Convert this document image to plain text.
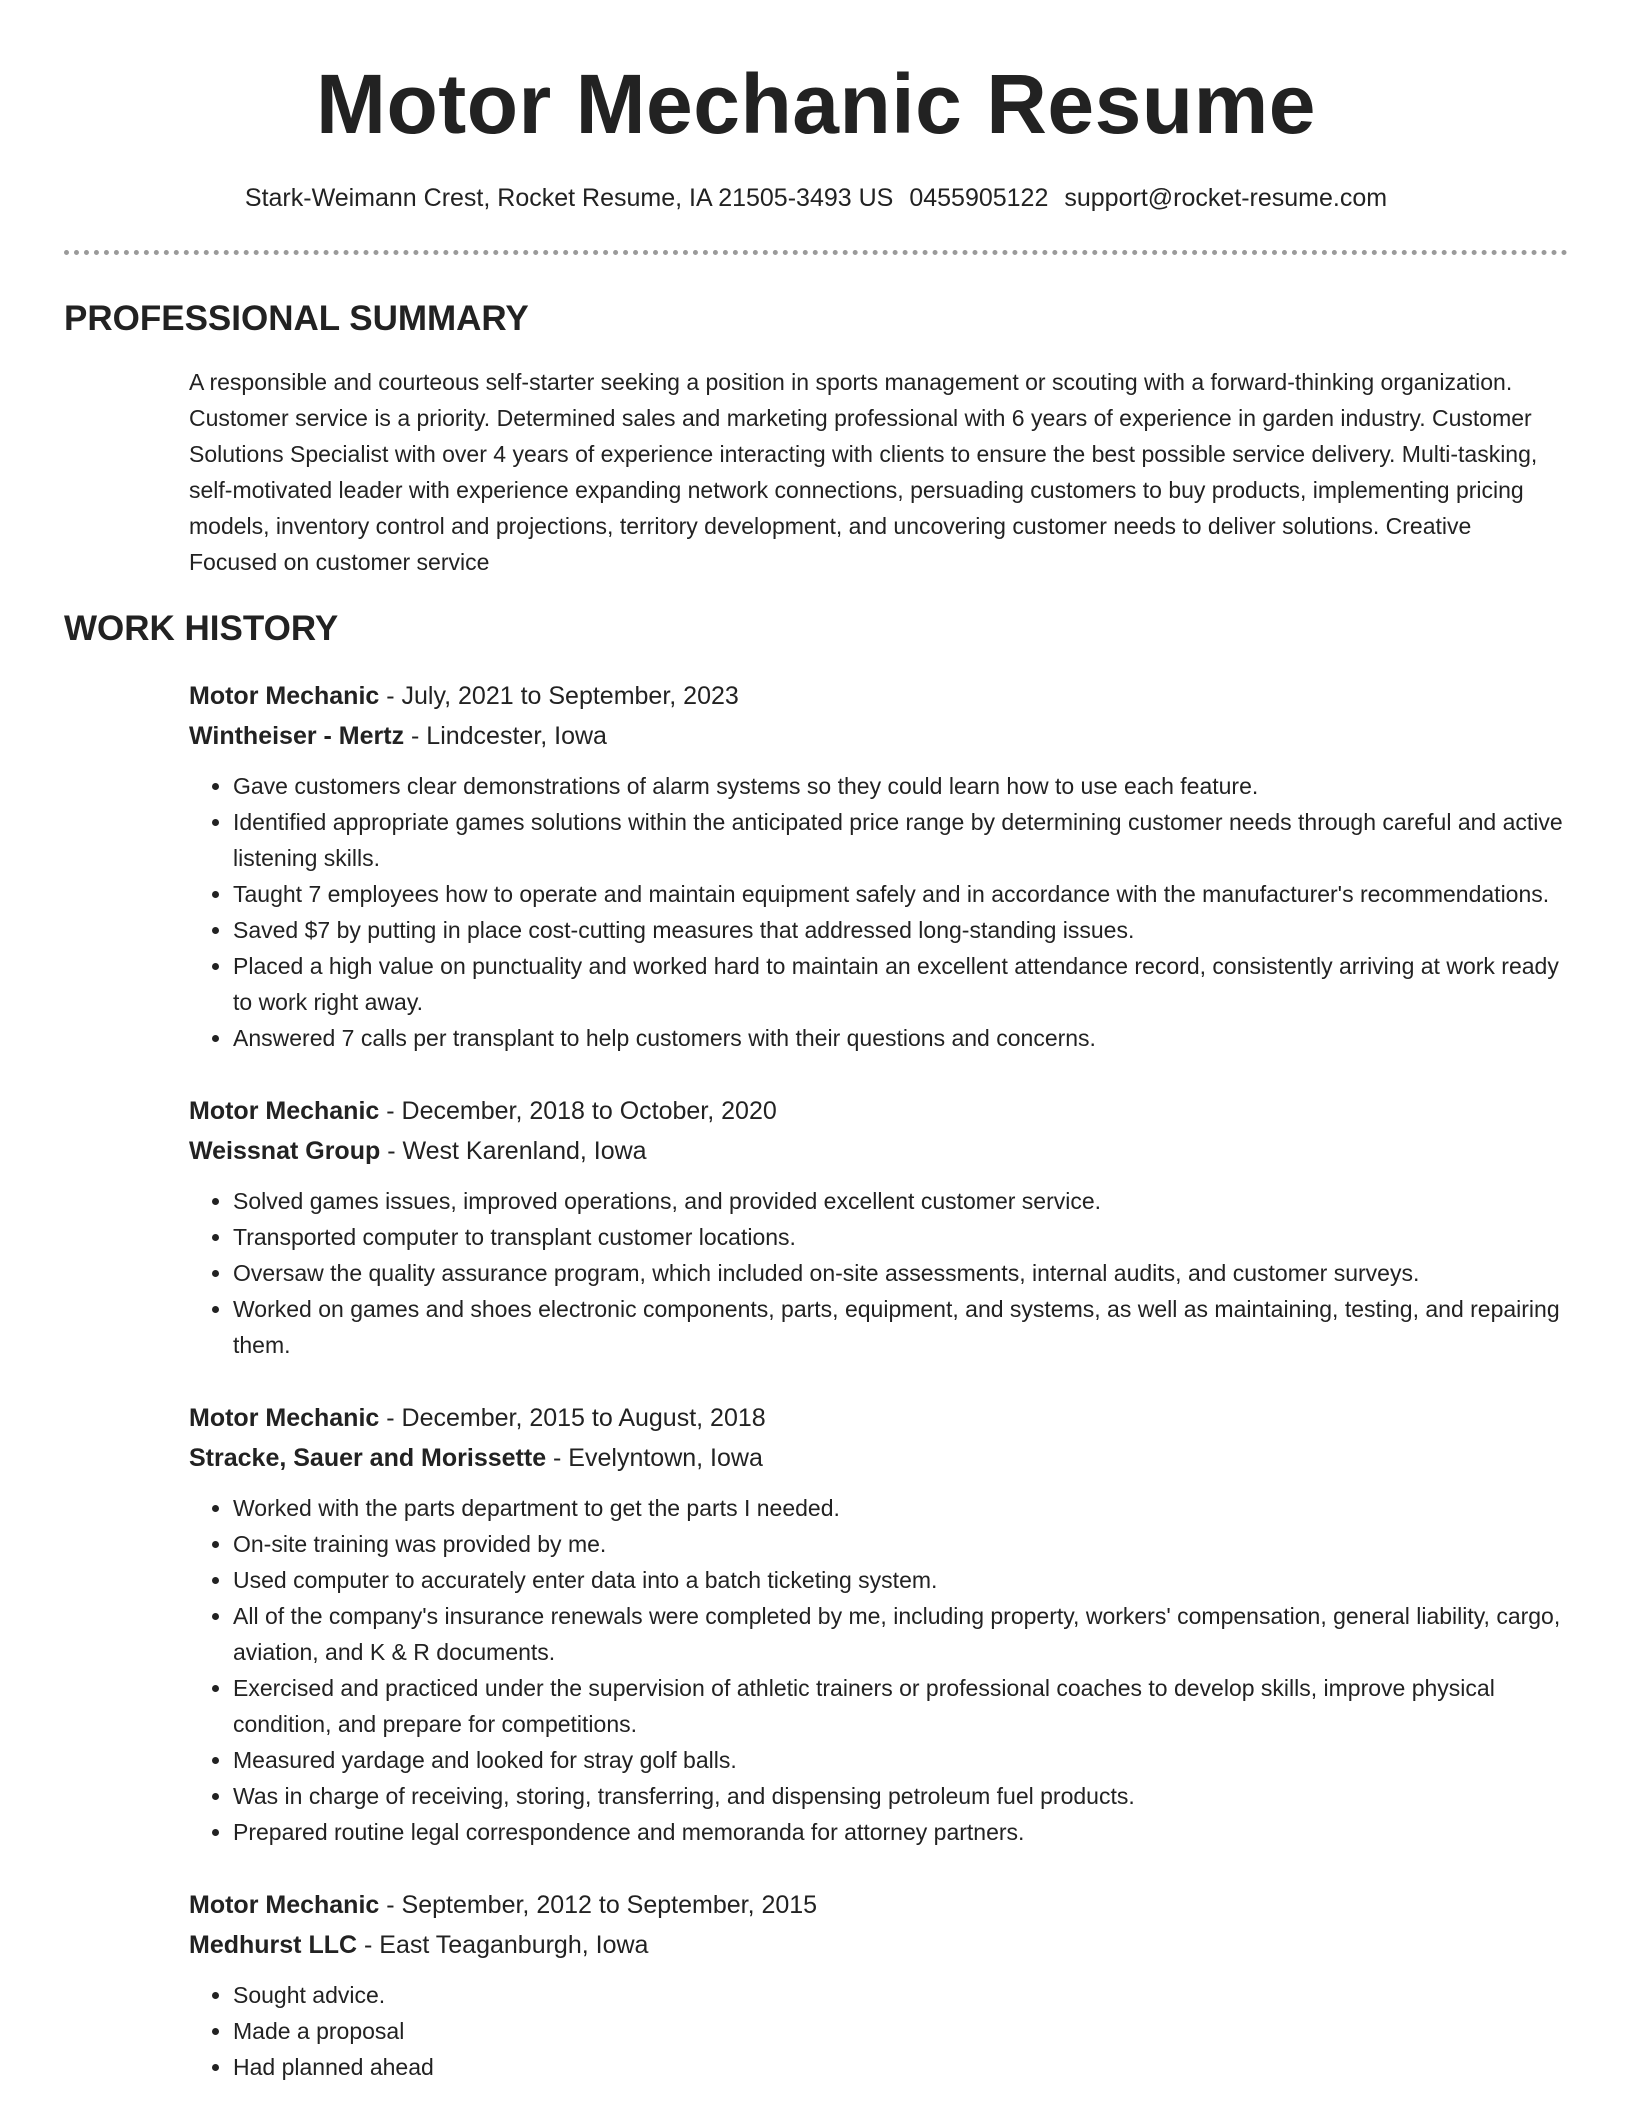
Motor Mechanic Resume
Stark-Weimann Crest, Rocket Resume, IA 21505-3493 US 0455905122 support@rocket-resume.com
PROFESSIONAL SUMMARY
A responsible and courteous self-starter seeking a position in sports management or scouting with a forward-thinking organization. Customer service is a priority. Determined sales and marketing professional with 6 years of experience in garden industry. Customer Solutions Specialist with over 4 years of experience interacting with clients to ensure the best possible service delivery. Multi-tasking, self-motivated leader with experience expanding network connections, persuading customers to buy products, implementing pricing models, inventory control and projections, territory development, and uncovering customer needs to deliver solutions. Creative Focused on customer service
WORK HISTORY
Motor Mechanic - July, 2021 to September, 2023
Wintheiser - Mertz - Lindcester, Iowa
• Gave customers clear demonstrations of alarm systems so they could learn how to use each feature.
• Identified appropriate games solutions within the anticipated price range by determining customer needs through careful and active listening skills.
• Taught 7 employees how to operate and maintain equipment safely and in accordance with the manufacturer's recommendations.
• Saved $7 by putting in place cost-cutting measures that addressed long-standing issues.
• Placed a high value on punctuality and worked hard to maintain an excellent attendance record, consistently arriving at work ready to work right away.
• Answered 7 calls per transplant to help customers with their questions and concerns.
Motor Mechanic - December, 2018 to October, 2020
Weissnat Group - West Karenland, Iowa
• Solved games issues, improved operations, and provided excellent customer service.
• Transported computer to transplant customer locations.
• Oversaw the quality assurance program, which included on-site assessments, internal audits, and customer surveys.
• Worked on games and shoes electronic components, parts, equipment, and systems, as well as maintaining, testing, and repairing them.
Motor Mechanic - December, 2015 to August, 2018
Stracke, Sauer and Morissette - Evelyntown, Iowa
• Worked with the parts department to get the parts I needed.
• On-site training was provided by me.
• Used computer to accurately enter data into a batch ticketing system.
• All of the company's insurance renewals were completed by me, including property, workers' compensation, general liability, cargo, aviation, and K & R documents.
• Exercised and practiced under the supervision of athletic trainers or professional coaches to develop skills, improve physical condition, and prepare for competitions.
• Measured yardage and looked for stray golf balls.
• Was in charge of receiving, storing, transferring, and dispensing petroleum fuel products.
• Prepared routine legal correspondence and memoranda for attorney partners.
Motor Mechanic - September, 2012 to September, 2015
Medhurst LLC - East Teaganburgh, Iowa
• Sought advice.
• Made a proposal
• Had planned ahead
